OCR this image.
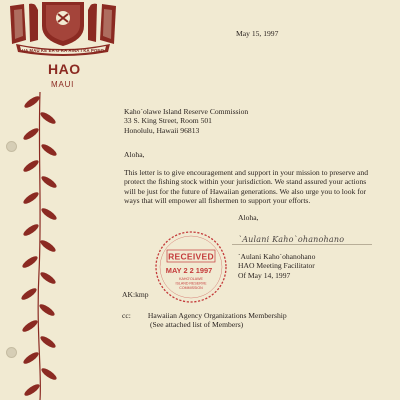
UA MAU KE EA O KA AINA I KA PONO
HAO
MAUI
May 15, 1997
Kaho`olawe Island Reserve Commission
33 S. King Street, Room 501
Honolulu, Hawaii 96813
Aloha,
This letter is to give encouragement and support in your mission to preserve and
protect the fishing stock within your jurisdiction. We stand assured your actions
will be just for the future of Hawaiian generations. We also urge you to look for
ways that will empower all fishermen to support your efforts.
Aloha,
`Aulani Kaho`ohanohano
`Aulani Kaho`ohanohano
HAO Meeting Facilitator
Of May 14, 1997
RECEIVED
MAY 2 2 1997
KAHO'OLAWE
ISLAND RESERVE
COMMISSION
AK:kmp
cc: Hawaiian Agency Organizations Membership
(See attached list of Members)
